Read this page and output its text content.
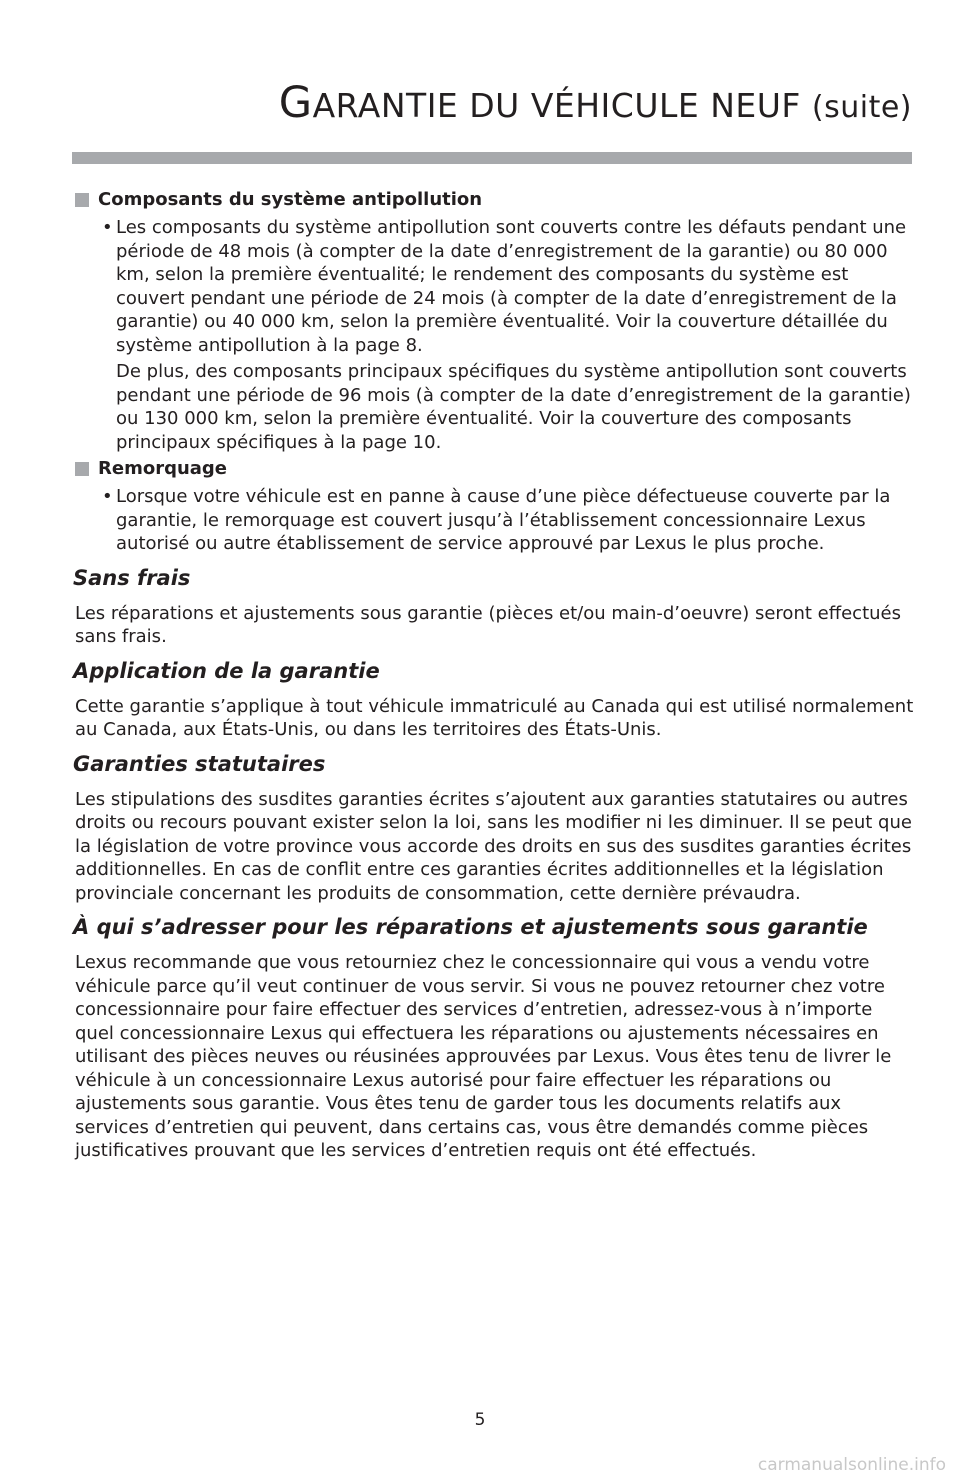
GARANTIE DU VÉHICULE NEUF (suite)
Composants du système antipollution
• Les composants du système antipollution sont couverts contre les défauts pendant une période de 48 mois (à compter de la date d’enregistrement de la garantie) ou 80 000 km, selon la première éventualité; le rendement des composants du système est couvert pendant une période de 24 mois (à compter de la date d’enregistrement de la garantie) ou 40 000 km, selon la première éventualité. Voir la couverture détaillée du système antipollution à la page 8.
De plus, des composants principaux spécifiques du système antipollution sont couverts pendant une période de 96 mois (à compter de la date d’enregistrement de la garantie) ou 130 000 km, selon la première éventualité. Voir la couverture des composants principaux spécifiques à la page 10.
Remorquage
• Lorsque votre véhicule est en panne à cause d’une pièce défectueuse couverte par la garantie, le remorquage est couvert jusqu’à l’établissement concessionnaire Lexus autorisé ou autre établissement de service approuvé par Lexus le plus proche.
Sans frais
Les réparations et ajustements sous garantie (pièces et/ou main-d’oeuvre) seront effectués sans frais.
Application de la garantie
Cette garantie s’applique à tout véhicule immatriculé au Canada qui est utilisé normalement au Canada, aux États-Unis, ou dans les territoires des États-Unis.
Garanties statutaires
Les stipulations des susdites garanties écrites s’ajoutent aux garanties statutaires ou autres droits ou recours pouvant exister selon la loi, sans les modifier ni les diminuer. Il se peut que la législation de votre province vous accorde des droits en sus des susdites garanties écrites additionnelles. En cas de conflit entre ces garanties écrites additionnelles et la législation provinciale concernant les produits de consommation, cette dernière prévaudra.
À qui s’adresser pour les réparations et ajustements sous garantie
Lexus recommande que vous retourniez chez le concessionnaire qui vous a vendu votre véhicule parce qu’il veut continuer de vous servir. Si vous ne pouvez retourner chez votre concessionnaire pour faire effectuer des services d’entretien, adressez-vous à n’importe quel concessionnaire Lexus qui effectuera les réparations ou ajustements nécessaires en utilisant des pièces neuves ou réusinées approuvées par Lexus. Vous êtes tenu de livrer le véhicule à un concessionnaire Lexus autorisé pour faire effectuer les réparations ou ajustements sous garantie. Vous êtes tenu de garder tous les documents relatifs aux services d’entretien qui peuvent, dans certains cas, vous être demandés comme pièces justificatives prouvant que les services d’entretien requis ont été effectués.
5
carmanualsonline.info
